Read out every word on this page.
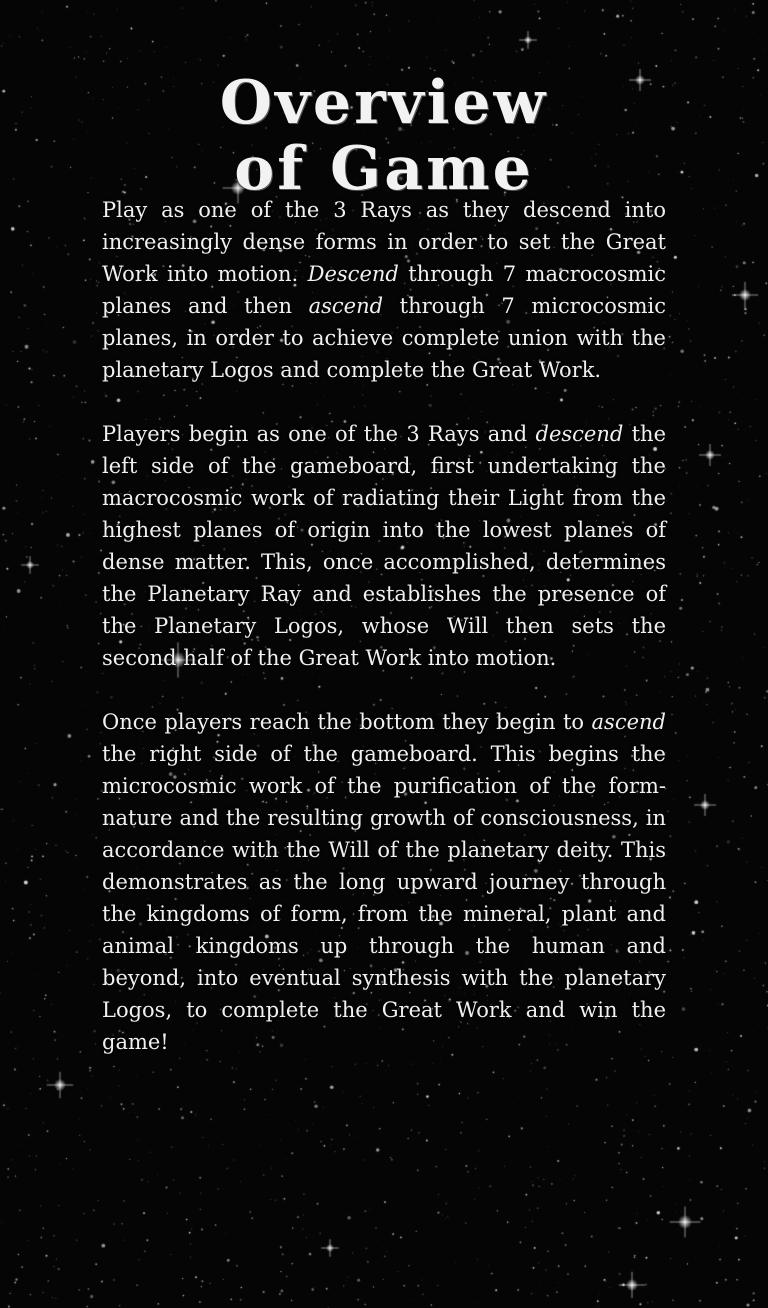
Overview
of Game

Play as one of the 3 Rays as they descend into increasingly dense forms in order to set the Great Work into motion. Descend through 7 macrocosmic planes and then ascend through 7 microcosmic planes, in order to achieve complete union with the planetary Logos and complete the Great Work.

Players begin as one of the 3 Rays and descend the left side of the gameboard, first undertaking the macrocosmic work of radiating their Light from the highest planes of origin into the lowest planes of dense matter. This, once accomplished, determines the Planetary Ray and establishes the presence of the Planetary Logos, whose Will then sets the second half of the Great Work into motion.

Once players reach the bottom they begin to ascend the right side of the gameboard. This begins the microcosmic work of the purification of the form-nature and the resulting growth of consciousness, in accordance with the Will of the planetary deity. This demonstrates as the long upward journey through the kingdoms of form, from the mineral, plant and animal kingdoms up through the human and beyond, into eventual synthesis with the planetary Logos, to complete the Great Work and win the game!
